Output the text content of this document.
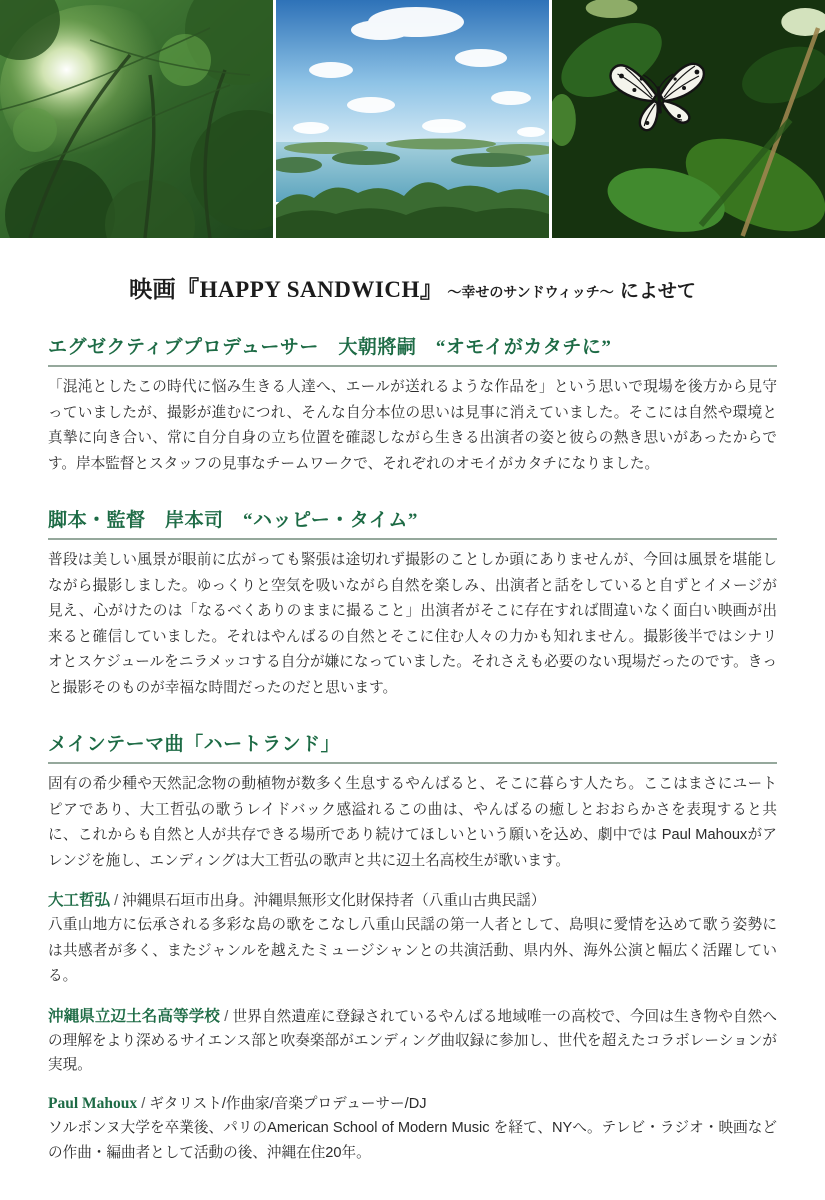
映画『HAPPY SANDWICH』 ～幸せのサンドウィッチ～ によせて
エグゼクティブプロデューサー　大朝將嗣　“オモイがカタチに”

「混沌としたこの時代に悩み生きる人達へ、エールが送れるような作品を」という思いで現場を後方から見守っていましたが、撮影が進むにつれ、そんな自分本位の思いは見事に消えていました。そこには自然や環境と真摯に向き合い、常に自分自身の立ち位置を確認しながら生きる出演者の姿と彼らの熱き思いがあったからです。岸本監督とスタッフの見事なチームワークで、それぞれのオモイがカタチになりました。

脚本・監督　岸本司　“ハッピー・タイム”

普段は美しい風景が眼前に広がっても緊張は途切れず撮影のことしか頭にありませんが、今回は風景を堪能しながら撮影しました。ゆっくりと空気を吸いながら自然を楽しみ、出演者と話をしていると自ずとイメージが見え、心がけたのは「なるべくありのままに撮ること」出演者がそこに存在すれば間違いなく面白い映画が出来ると確信していました。それはやんばるの自然とそこに住む人々の力かも知れません。撮影後半ではシナリオとスケジュールをニラメッコする自分が嫌になっていました。それさえも必要のない現場だったのです。きっと撮影そのものが幸福な時間だったのだと思います。

メインテーマ曲「ハートランド」

固有の希少種や天然記念物の動植物が数多く生息するやんばると、そこに暮らす人たち。ここはまさにユートピアであり、大工哲弘の歌うレイドバック感溢れるこの曲は、やんばるの癒しとおおらかさを表現すると共に、これからも自然と人が共存できる場所であり続けてほしいという願いを込め、劇中では Paul Mahouxがアレンジを施し、エンディングは大工哲弘の歌声と共に辺土名高校生が歌います。

大工哲弘 / 沖縄県石垣市出身。沖縄県無形文化財保持者（八重山古典民謡）

八重山地方に伝承される多彩な島の歌をこなし八重山民謡の第一人者として、島唄に愛情を込めて歌う姿勢には共感者が多く、またジャンルを越えたミュージシャンとの共演活動、県内外、海外公演と幅広く活躍している。

沖縄県立辺土名高等学校 / 世界自然遺産に登録されているやんばる地域唯一の高校で、今回は生き物や自然への理解をより深めるサイエンス部と吹奏楽部がエンディング曲収録に参加し、世代を超えたコラボレーションが実現。

Paul Mahoux / ギタリスト/作曲家/音楽プロデューサー/DJ

ソルボンヌ大学を卒業後、パリのAmerican School of Modern Music を経て、NYへ。テレビ・ラジオ・映画などの作曲・編曲者として活動の後、沖縄在住20年。
